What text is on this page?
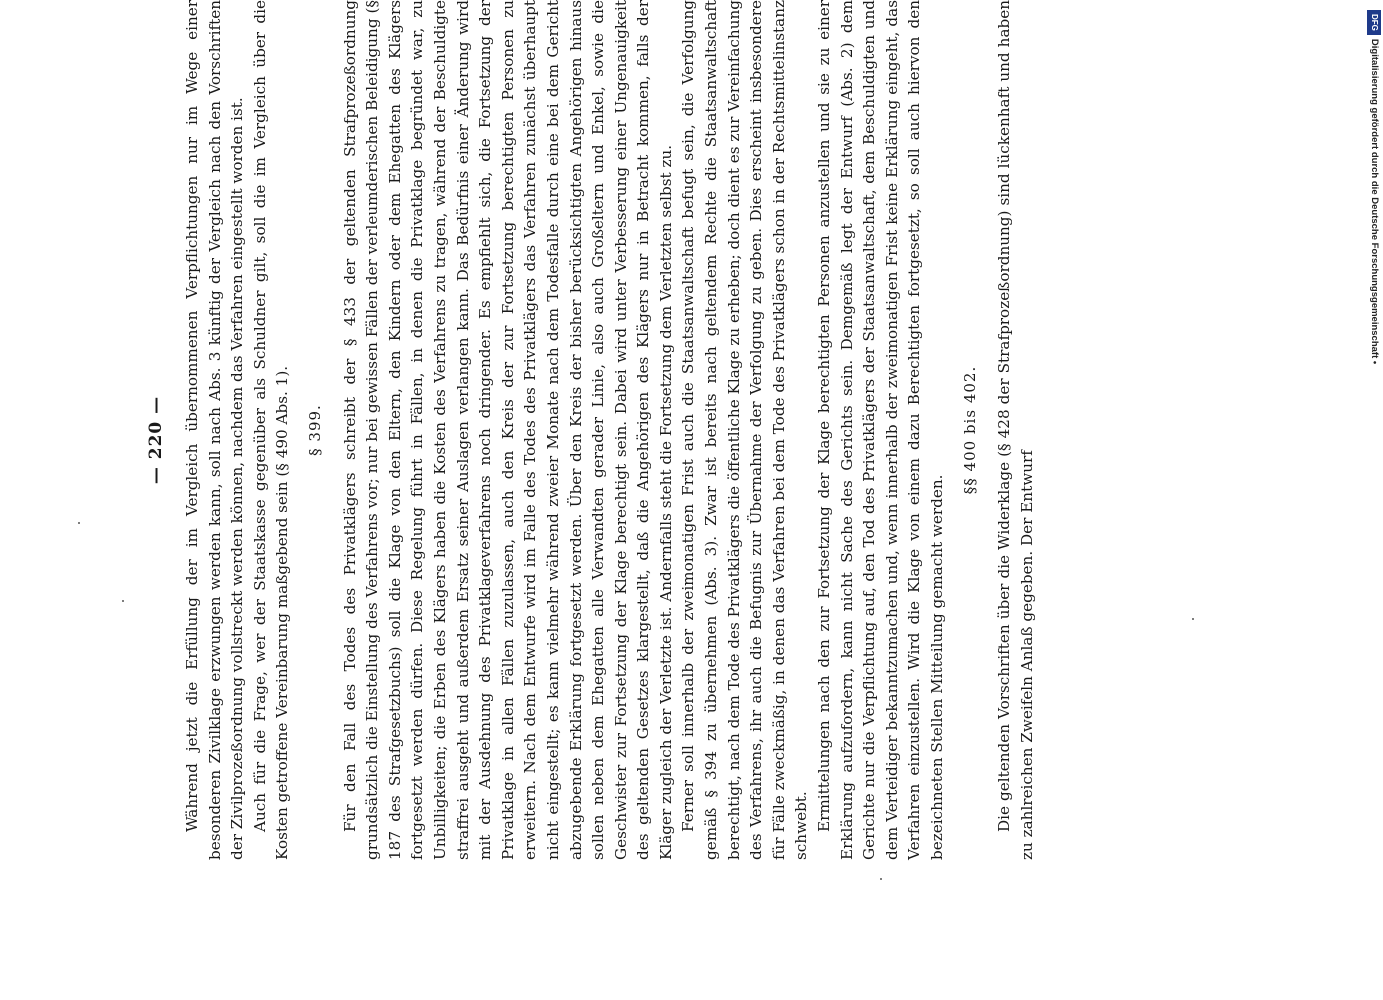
— 220 — Während jetzt die Erfüllung der im Vergleich übernommenen Verpflichtungen nur im Wege einer besonderen Zivilklage erzwungen werden kann, soll nach Abs. 3 künftig der Vergleich nach den Vorschriften der Zivilprozeßordnung vollstreckt werden können, nachdem das Verfahren eingestellt worden ist. Auch für die Frage, wer der Staatskasse gegenüber als Schuldner gilt, soll die im Vergleich über die Kosten getroffene Vereinbarung maßgebend sein (§ 490 Abs. 1). § 399. Für den Fall des Todes des Privatklägers schreibt der § 433 der geltenden Strafprozeßordnung grundsätzlich die Einstellung des Verfahrens vor; nur bei gewissen Fällen der verleumderischen Beleidigung (§ 187 des Strafgesetzbuchs) soll die Klage von den Eltern, den Kindern oder dem Ehegatten des Klägers fortgesetzt werden dürfen. Diese Regelung führt in Fällen, in denen die Privatklage begründet war, zu Unbilligkeiten; die Erben des Klägers haben die Kosten des Verfahrens zu tragen, während der Beschuldigte straffrei ausgeht und außerdem Ersatz seiner Auslagen verlangen kann. Das Bedürfnis einer Änderung wird mit der Ausdehnung des Privatklageverfahrens noch dringender. Es empfiehlt sich, die Fortsetzung der Privatklage in allen Fällen zuzulassen, auch den Kreis der zur Fortsetzung berechtigten Personen zu erweitern. Nach dem Entwurfe wird im Falle des Todes des Privatklägers das Verfahren zunächst überhaupt nicht eingestellt; es kann vielmehr während zweier Monate nach dem Todesfalle durch eine bei dem Gericht abzugebende Erklärung fortgesetzt werden. Über den Kreis der bisher berücksichtigten Angehörigen hinaus sollen neben dem Ehegatten alle Verwandten gerader Linie, also auch Großeltern und Enkel, sowie die Geschwister zur Fortsetzung der Klage berechtigt sein. Dabei wird unter Verbesserung einer Ungenauigkeit des geltenden Gesetzes klargestellt, daß die Angehörigen des Klägers nur in Betracht kommen, falls der Kläger zugleich der Verletzte ist. Andernfalls steht die Fortsetzung dem Verletzten selbst zu. Ferner soll innerhalb der zweimonatigen Frist auch die Staatsanwaltschaft befugt sein, die Verfolgung gemäß § 394 zu übernehmen (Abs. 3). Zwar ist bereits nach geltendem Rechte die Staatsanwaltschaft berechtigt, nach dem Tode des Privatklägers die öffentliche Klage zu erheben; doch dient es zur Vereinfachung des Verfahrens, ihr auch die Befugnis zur Übernahme der Verfolgung zu geben. Dies erscheint insbesondere für Fälle zweckmäßig, in denen das Verfahren bei dem Tode des Privatklägers schon in der Rechtsmittelinstanz schwebt. Ermittelungen nach den zur Fortsetzung der Klage berechtigten Personen anzustellen und sie zu einer Erklärung aufzufordern, kann nicht Sache des Gerichts sein. Demgemäß legt der Entwurf (Abs. 2) dem Gerichte nur die Verpflichtung auf, den Tod des Privatklägers der Staatsanwaltschaft, dem Beschuldigten und dem Verteidiger bekanntzumachen und, wenn innerhalb der zweimonatigen Frist keine Erklärung eingeht, das Verfahren einzustellen. Wird die Klage von einem dazu Berechtigten fortgesetzt, so soll auch hiervon den bezeichneten Stellen Mitteilung gemacht werden.

§§ 400 bis 402. Die geltenden Vorschriften über die Widerklage (§ 428 der Strafprozeßordnung) sind lückenhaft und haben zu zahlreichen Zweifeln Anlaß gegeben. Der Entwurf

DFG
Digitalisierung gefördert durch die Deutsche Forschungsgemeinschaft •
